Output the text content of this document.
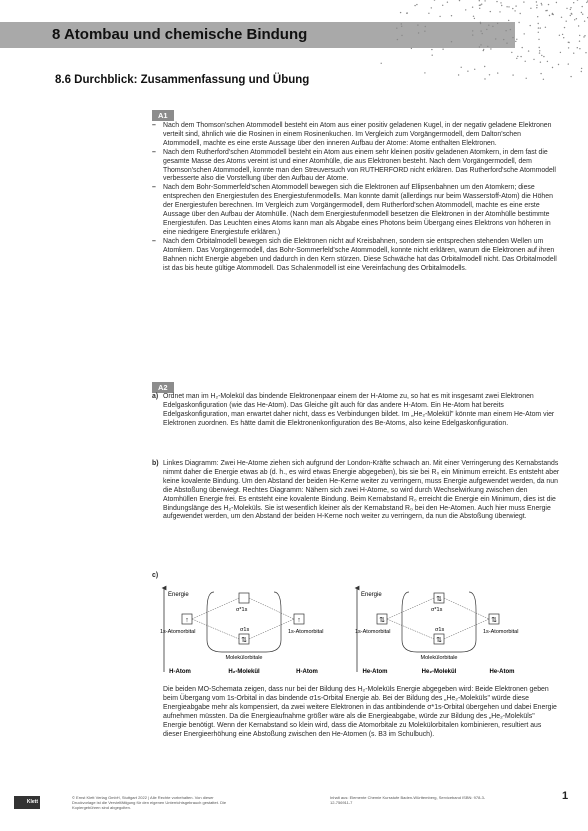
8 Atombau und chemische Bindung
8.6 Durchblick: Zusammenfassung und Übung
A1

– Nach dem Thomson'schen Atommodell besteht ein Atom aus einer positiv geladenen Kugel, in der negativ geladene Elektronen verteilt sind, ähnlich wie die Rosinen in einem Rosinenkuchen. Im Vergleich zum Vorgängermodell, dem Dalton'schen Atommodell, machte es eine erste Aussage über den inneren Aufbau der Atome: Atome enthalten Elektronen.

– Nach dem Rutherford'schen Atommodell besteht ein Atom aus einem sehr kleinen positiv geladenen Atomkern, in dem fast die gesamte Masse des Atoms vereint ist und einer Atomhülle, die aus Elektronen besteht. Nach dem Vorgängermodell, dem Thomson'schen Atommodell, konnte man den Streuversuch von RUTHERFORD nicht erklären. Das Rutherford'sche Atommodell verbesserte also die Vorstellung über den Aufbau der Atome.

– Nach dem Bohr-Sommerfeld'schen Atommodell bewegen sich die Elektronen auf Ellipsenbahnen um den Atomkern; diese entsprechen den Energiestufen des Energiestufenmodells. Man konnte damit (allerdings nur beim Wasserstoff-Atom) die Höhen der Energiestufen berechnen. Im Vergleich zum Vorgängermodell, dem Rutherford'schen Atommodell, machte es eine erste Aussage über den Aufbau der Atomhülle. (Nach dem Energiestufenmodell besetzen die Elektronen in der Atomhülle bestimmte Energiestufen. Das Leuchten eines Atoms kann man als Abgabe eines Photons beim Übergang eines Elektrons von höheren in eine niedrigere Energiestufe erklären.)

– Nach dem Orbitalmodell bewegen sich die Elektronen nicht auf Kreisbahnen, sondern sie entsprechen stehenden Wellen um Atomkern. Das Vorgängermodell, das Bohr-Sommerfeld'sche Atommodell, konnte nicht erklären, warum die Elektronen auf ihren Bahnen nicht Energie abgeben und dadurch in den Kern stürzen. Diese Schwäche hat das Orbitalmodell nicht. Das Orbitalmodell ist das bis heute gültige Atommodell. Das Schalenmodell ist eine Vereinfachung des Orbitalmodells.

A2

a) Ordnet man im H₂-Molekül das bindende Elektronenpaar einem der H-Atome zu, so hat es mit insgesamt zwei Elektronen Edelgaskonfiguration (wie das He-Atom). Das Gleiche gilt auch für das andere H-Atom. Ein He-Atom hat bereits Edelgaskonfiguration, man erwartet daher nicht, dass es Verbindungen bildet. Im „He₂-Molekül" könnte man einem He-Atom vier Elektronen zuordnen. Es hätte damit die Elektronenkonfiguration des Be-Atoms, also keine Edelgaskonfiguration.

b) Linkes Diagramm: Zwei He-Atome ziehen sich aufgrund der London-Kräfte schwach an. Mit einer Verringerung des Kernabstands nimmt daher die Energie etwas ab (d. h., es wird etwas Energie abgegeben), bis sie bei R₀ ein Minimum erreicht. Es entsteht aber keine kovalente Bindung. Um den Abstand der beiden He-Kerne weiter zu verringern, muss Energie aufgewendet werden, da nun die Abstoßung überwiegt. Rechtes Diagramm: Nähern sich zwei H-Atome, so wird durch Wechselwirkung zwischen den Atomhüllen Energie frei. Es entsteht eine kovalente Bindung. Beim Kernabstand R₀ erreicht die Energie ein Minimum, dies ist die Bindungslänge des H₂-Moleküls. Sie ist wesentlich kleiner als der Kernabstand R₀ bei den He-Atomen. Auch hier muss Energie aufgewendet werden, um den Abstand der beiden H-Kerne noch weiter zu verringern, da nun die Abstoßung überwiegt.

c)
Energie
σ*1s
↑	↑
σ1s
⇅
1s-Atomorbital	1s-Atomorbital
Molekülorbitale
H-Atom	H₂-Molekül	H-Atom
Energie
⇅
σ*1s
⇅	⇅
σ1s
⇅
1s-Atomorbital	1s-Atomorbital
Molekülorbitale
He-Atom	He₂-Molekül	He-Atom

Die beiden MO-Schemata zeigen, dass nur bei der Bildung des H₂-Moleküls Energie abgegeben wird: Beide Elektronen geben beim Übergang vom 1s-Orbital in das bindende σ1s-Orbital Energie ab. Bei der Bildung des „He₂-Moleküls" würde diese Energieabgabe mehr als kompensiert, da zwei weitere Elektronen in das antibindende σ*1s-Orbital übergehen und dabei Energie aufnehmen müssten. Da die Energieaufnahme größer wäre als die Energieabgabe, würde zur Bildung des „He₂-Moleküls" Energie benötigt. Wenn der Kernabstand so klein wird, dass die Atomorbitale zu Molekülorbitalen kombinieren, resultiert aus dieser Energieerhöhung eine Abstoßung zwischen den He-Atomen (s. B3 im Schulbuch).

Klett
© Ernst Klett Verlag GmbH, Stuttgart 2022 | Alle Rechte vorbehalten. Von dieser Druckvorlage ist die Vervielfältigung für den eigenen Unterrichtsgebrauch gestattet. Die Kopiergebühren sind abgegolten.
Inhalt aus: Elemente Chemie Kursstufe Baden-Württemberg, Serviceband ISBN: 978-3-12-756911-7
1
